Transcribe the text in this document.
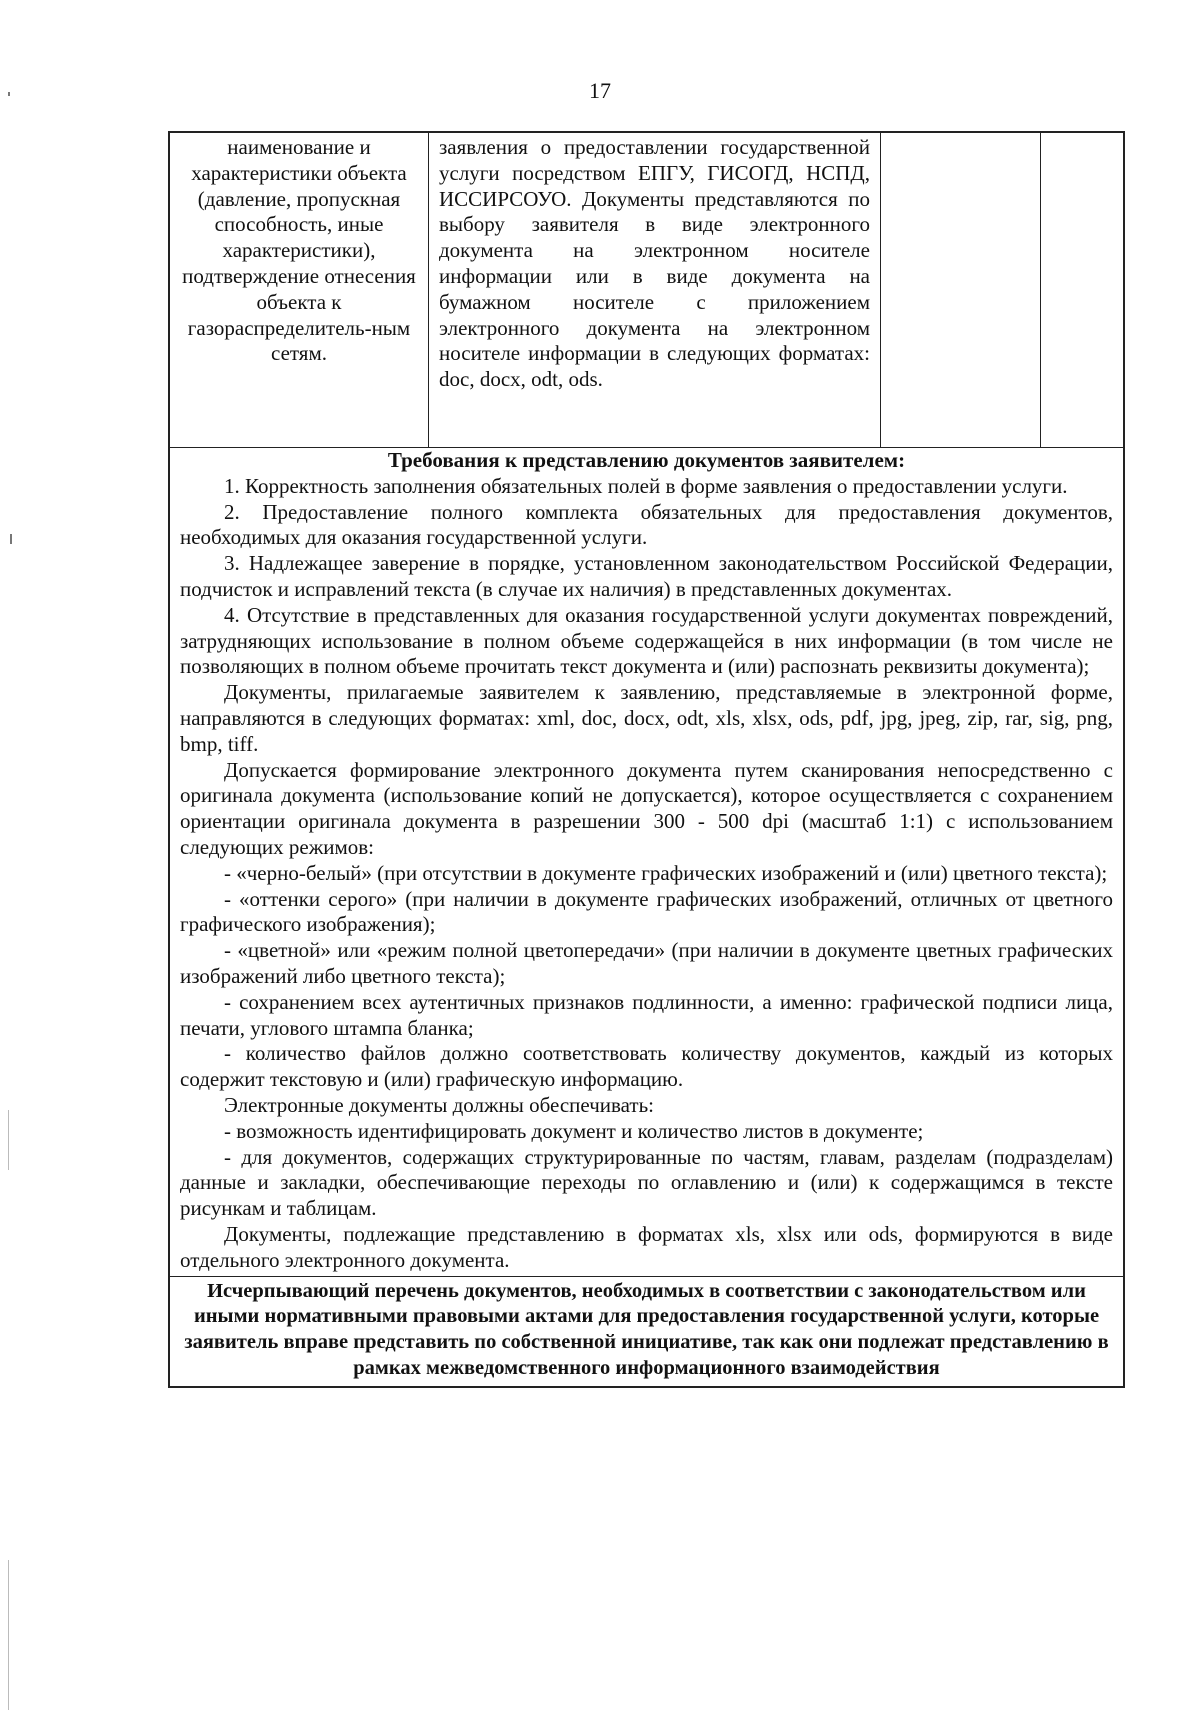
17

наименование и характеристики объекта (давление, пропускная способность, иные характеристики), подтверждение отнесения объекта к газораспределитель-ным сетям.

заявления о предоставлении государственной услуги посредством ЕПГУ, ГИСОГД, НСПД, ИССИРСОУО. Документы представляются по выбору заявителя в виде электронного документа на электронном носителе информации или в виде документа на бумажном носителе с приложением электронного документа на электронном носителе информации в следующих форматах: doc, docx, odt, ods.

Требования к представлению документов заявителем:

1. Корректность заполнения обязательных полей в форме заявления о предоставлении услуги.

2. Предоставление полного комплекта обязательных для предоставления документов, необходимых для оказания государственной услуги.

3. Надлежащее заверение в порядке, установленном законодательством Российской Федерации, подчисток и исправлений текста (в случае их наличия) в представленных документах.

4. Отсутствие в представленных для оказания государственной услуги документах повреждений, затрудняющих использование в полном объеме содержащейся в них информации (в том числе не позволяющих в полном объеме прочитать текст документа и (или) распознать реквизиты документа);

Документы, прилагаемые заявителем к заявлению, представляемые в электронной форме, направляются в следующих форматах: xml, doc, docx, odt, xls, xlsx, ods, pdf, jpg, jpeg, zip, rar, sig, png, bmp, tiff.

Допускается формирование электронного документа путем сканирования непосредственно с оригинала документа (использование копий не допускается), которое осуществляется с сохранением ориентации оригинала документа в разрешении 300 - 500 dpi (масштаб 1:1) с использованием следующих режимов:

- «черно-белый» (при отсутствии в документе графических изображений и (или) цветного текста);

- «оттенки серого» (при наличии в документе графических изображений, отличных от цветного графического изображения);

- «цветной» или «режим полной цветопередачи» (при наличии в документе цветных графических изображений либо цветного текста);

- сохранением всех аутентичных признаков подлинности, а именно: графической подписи лица, печати, углового штампа бланка;

- количество файлов должно соответствовать количеству документов, каждый из которых содержит текстовую и (или) графическую информацию.

Электронные документы должны обеспечивать:

- возможность идентифицировать документ и количество листов в документе;

- для документов, содержащих структурированные по частям, главам, разделам (подразделам) данные и закладки, обеспечивающие переходы по оглавлению и (или) к содержащимся в тексте рисункам и таблицам.

Документы, подлежащие представлению в форматах xls, xlsx или ods, формируются в виде отдельного электронного документа.

Исчерпывающий перечень документов, необходимых в соответствии с законодательством или иными нормативными правовыми актами для предоставления государственной услуги, которые заявитель вправе представить по собственной инициативе, так как они подлежат представлению в рамках межведомственного информационного взаимодействия
